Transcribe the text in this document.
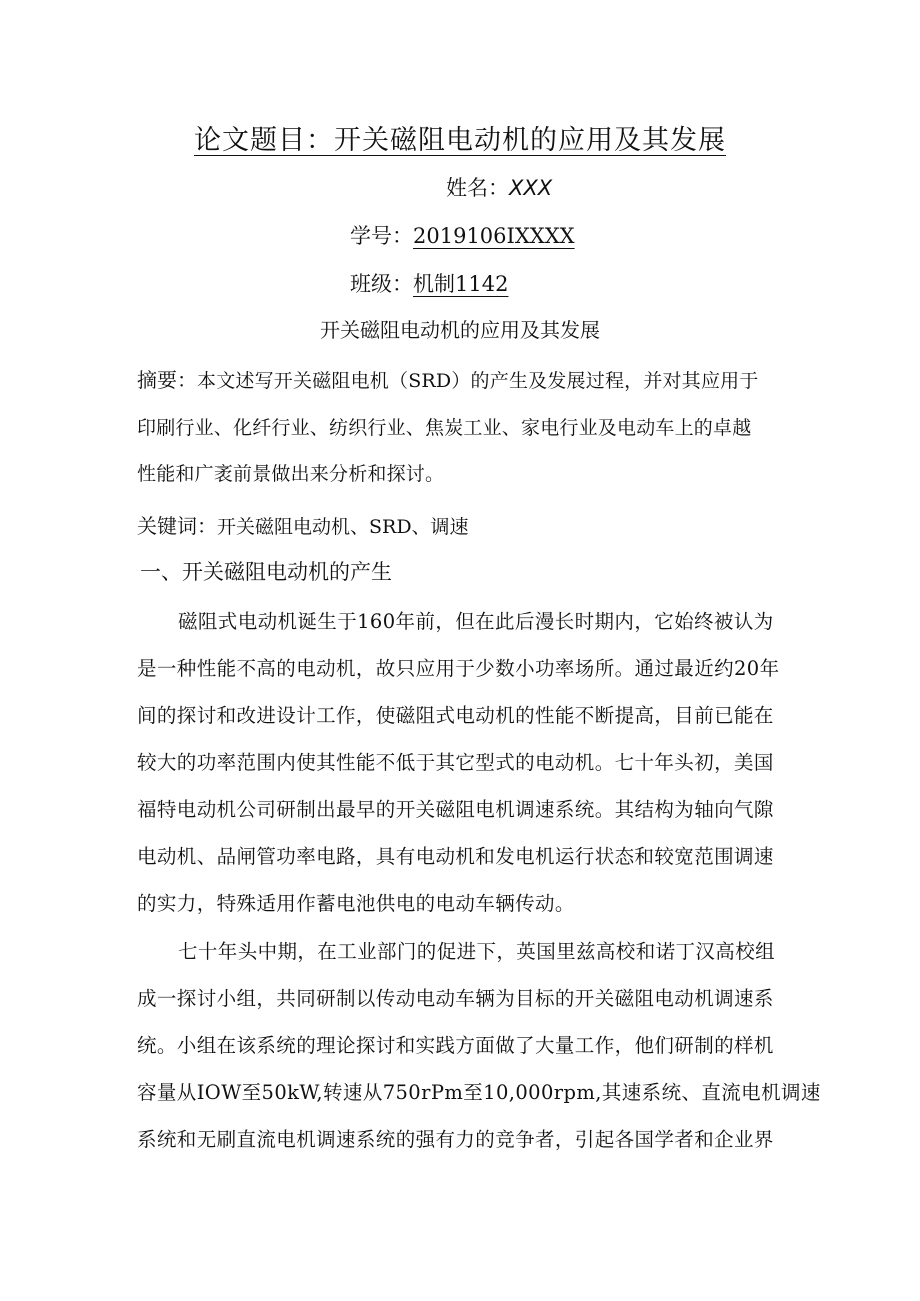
论文题目：开关磁阻电动机的应用及其发展
姓名：XXX
学号：2019106IXXXX
班级：机制1142
开关磁阻电动机的应用及其发展
摘要：本文述写开关磁阻电机（SRD）的产生及发展过程，并对其应用于
印刷行业、化纤行业、纺织行业、焦炭工业、家电行业及电动车上的卓越
性能和广袤前景做出来分析和探讨。
关键词：开关磁阻电动机、SRD、调速
一、开关磁阻电动机的产生
磁阻式电动机诞生于160年前，但在此后漫长时期内，它始终被认为
是一种性能不高的电动机，故只应用于少数小功率场所。通过最近约20年
间的探讨和改进设计工作，使磁阻式电动机的性能不断提高，目前已能在
较大的功率范围内使其性能不低于其它型式的电动机。七十年头初，美国
福特电动机公司研制出最早的开关磁阻电机调速系统。其结构为轴向气隙
电动机、品闸管功率电路，具有电动机和发电机运行状态和较宽范围调速
的实力，特殊适用作蓄电池供电的电动车辆传动。
七十年头中期，在工业部门的促进下，英国里兹高校和诺丁汉高校组
成一探讨小组，共同研制以传动电动车辆为目标的开关磁阻电动机调速系
统。小组在该系统的理论探讨和实践方面做了大量工作，他们研制的样机
容量从IOW至50kW,转速从750rPm至10,000rpm,其速系统、直流电机调速
系统和无刷直流电机调速系统的强有力的竞争者，引起各国学者和企业界
